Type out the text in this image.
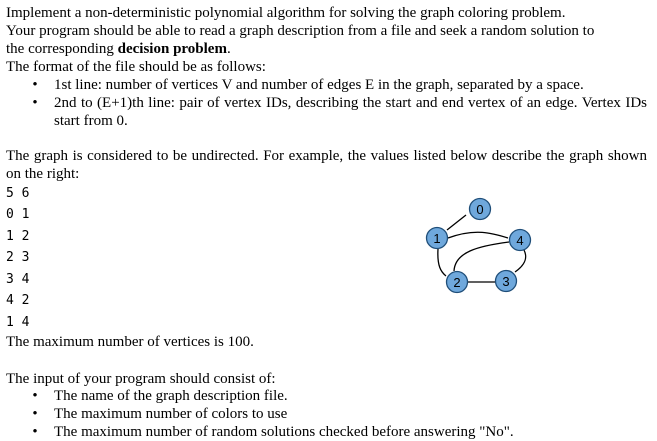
Implement a non-deterministic polynomial algorithm for solving the graph coloring problem.
Your program should be able to read a graph description from a file and seek a random solution to
the corresponding decision problem.
The format of the file should be as follows:
• 1st line: number of vertices V and number of edges E in the graph, separated by a space.
• 2nd to (E+1)th line: pair of vertex IDs, describing the start and end vertex of an edge. Vertex IDs start from 0.
The graph is considered to be undirected. For example, the values listed below describe the graph shown on the right:
5 6
0 1
1 2
2 3
3 4
4 2
1 4
The maximum number of vertices is 100.
The input of your program should consist of:
• The name of the graph description file.
• The maximum number of colors to use
• The maximum number of random solutions checked before answering "No".
0
1
2	3
4
